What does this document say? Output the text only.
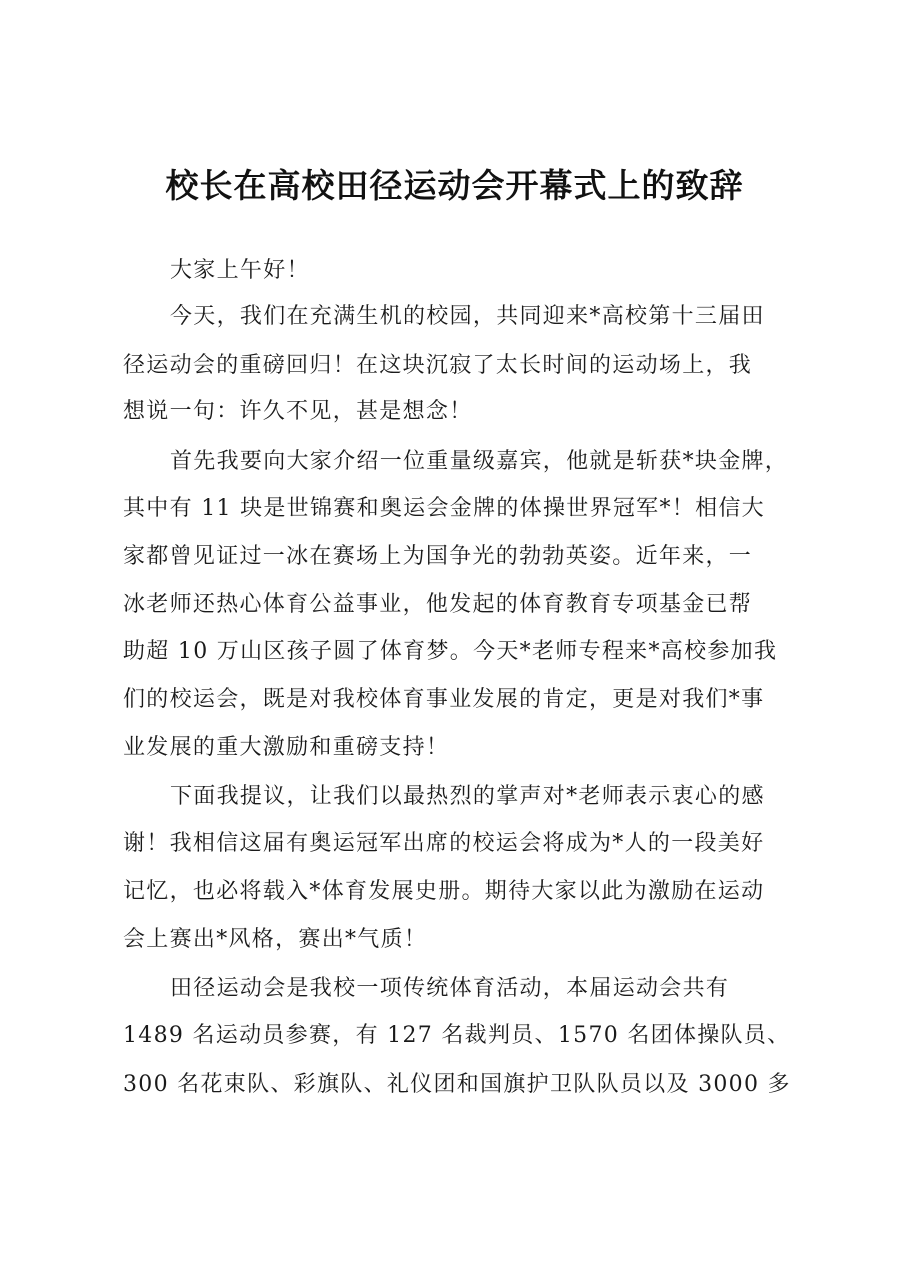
校长在高校田径运动会开幕式上的致辞
大家上午好！
今天，我们在充满生机的校园，共同迎来*高校第十三届田
径运动会的重磅回归！在这块沉寂了太长时间的运动场上，我
想说一句：许久不见，甚是想念！
首先我要向大家介绍一位重量级嘉宾，他就是斩获*块金牌，
其中有 11 块是世锦赛和奥运会金牌的体操世界冠军*！相信大
家都曾见证过一冰在赛场上为国争光的勃勃英姿。近年来，一
冰老师还热心体育公益事业，他发起的体育教育专项基金已帮
助超 10 万山区孩子圆了体育梦。今天*老师专程来*高校参加我
们的校运会，既是对我校体育事业发展的肯定，更是对我们*事
业发展的重大激励和重磅支持！
下面我提议，让我们以最热烈的掌声对*老师表示衷心的感
谢！我相信这届有奥运冠军出席的校运会将成为*人的一段美好
记忆，也必将载入*体育发展史册。期待大家以此为激励在运动
会上赛出*风格，赛出*气质！
田径运动会是我校一项传统体育活动，本届运动会共有
1489 名运动员参赛，有 127 名裁判员、1570 名团体操队员、
300 名花束队、彩旗队、礼仪团和国旗护卫队队员以及 3000 多
